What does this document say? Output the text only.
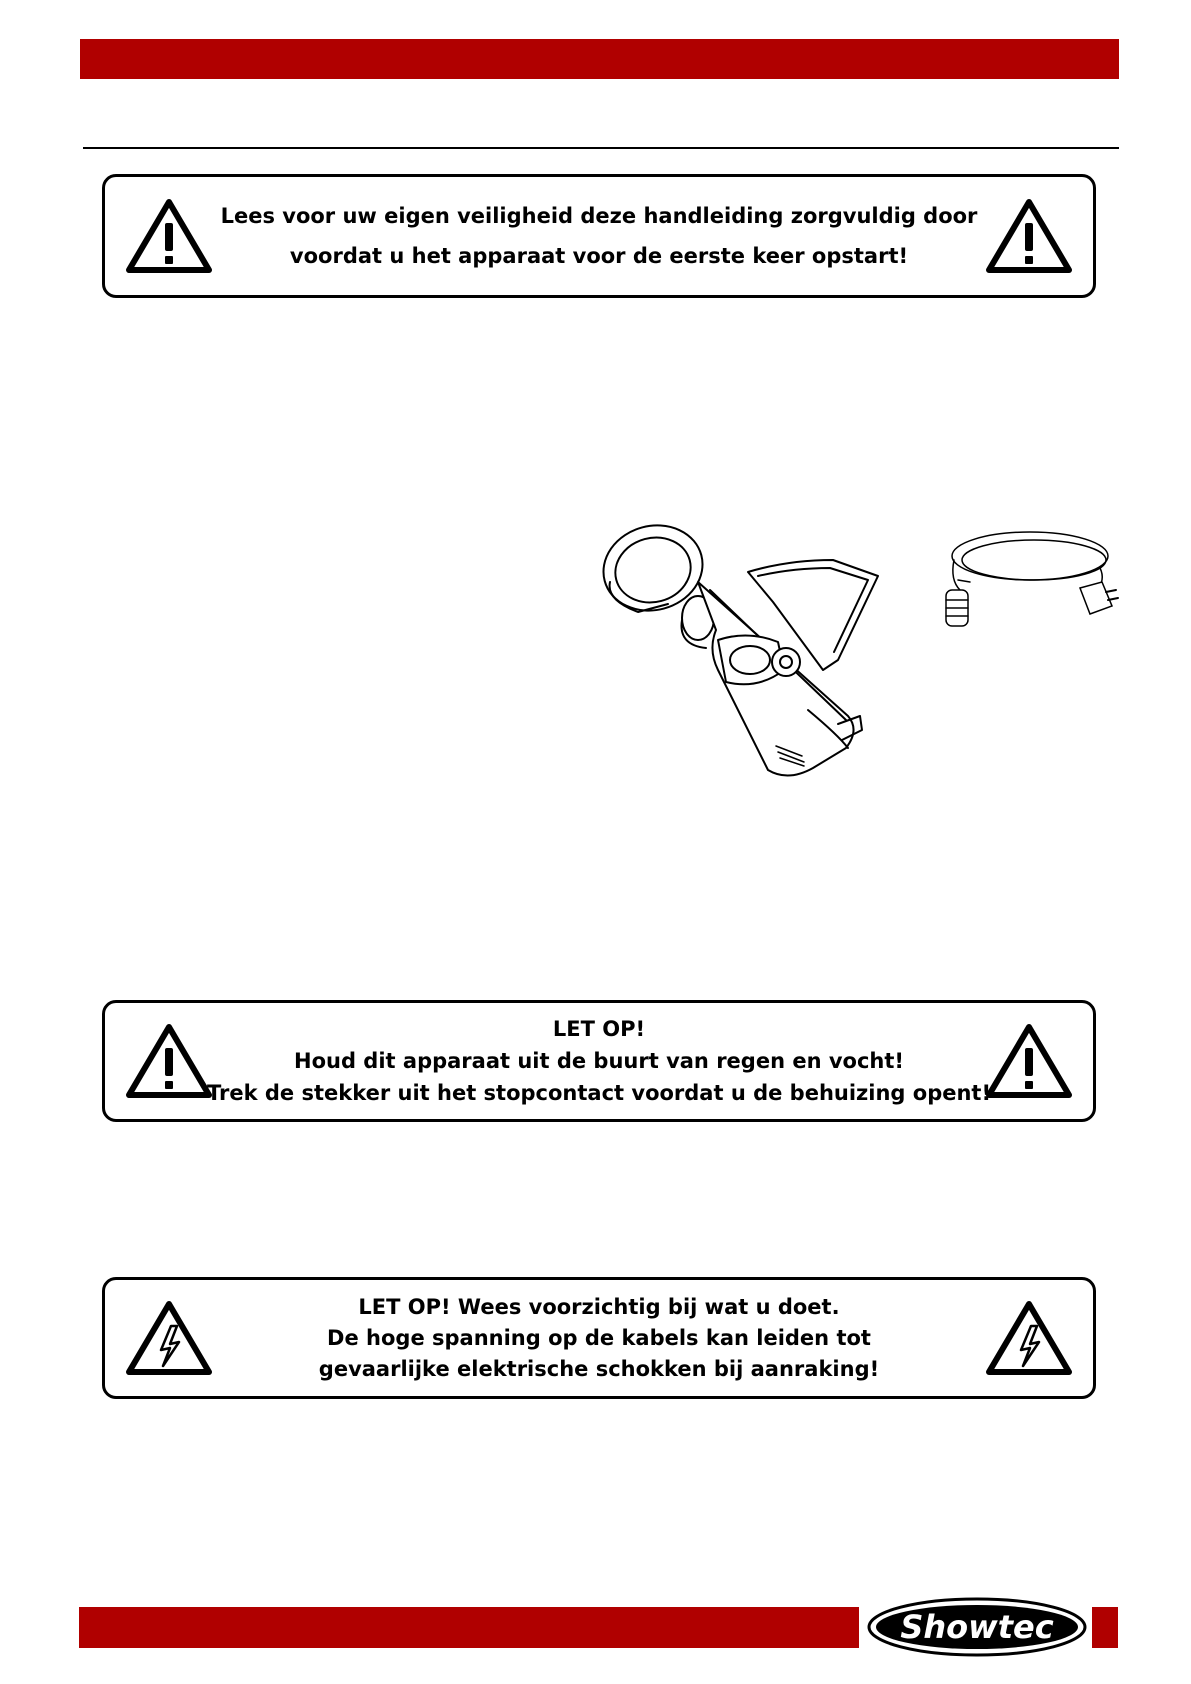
Lees voor uw eigen veiligheid deze handleiding zorgvuldig door
voordat u het apparaat voor de eerste keer opstart!
LET OP!
Houd dit apparaat uit de buurt van regen en vocht!
Trek de stekker uit het stopcontact voordat u de behuizing opent!
LET OP! Wees voorzichtig bij wat u doet.
De hoge spanning op de kabels kan leiden tot
gevaarlijke elektrische schokken bij aanraking!
Showtec
